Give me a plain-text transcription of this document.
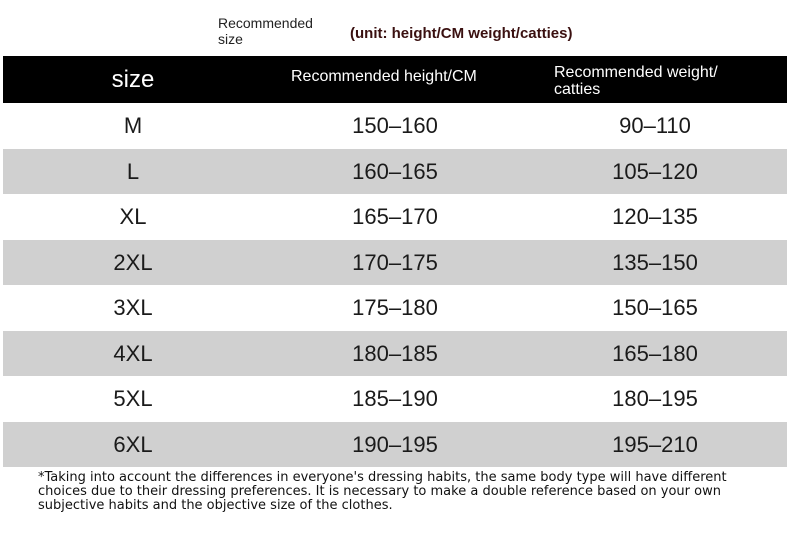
Recommended size	(unit: height/CM weight/catties)
size	Recommended height/CM	Recommended weight/ catties
M	150–160	90–110
L	160–165	105–120
XL	165–170	120–135
2XL	170–175	135–150
3XL	175–180	150–165
4XL	180–185	165–180
5XL	185–190	180–195
6XL	190–195	195–210
*Taking into account the differences in everyone's dressing habits, the same body type will have different choices due to their dressing preferences. It is necessary to make a double reference based on your own subjective habits and the objective size of the clothes.
